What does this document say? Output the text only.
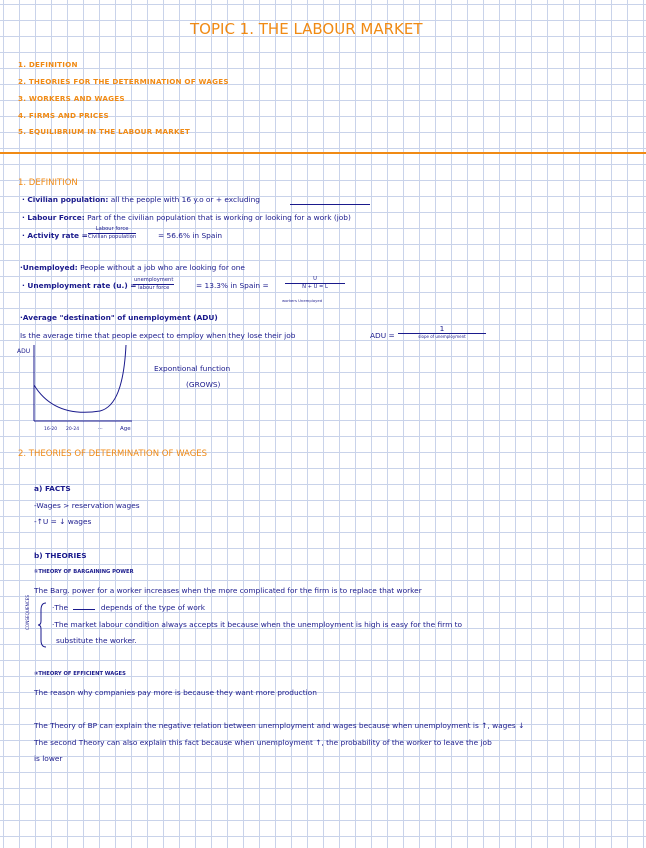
TOPIC 1. THE LABOUR MARKET
1. DEFINITION
2. THEORIES FOR THE DETERMINATION OF WAGES
3. WORKERS AND WAGES
4. FIRMS AND PRICES
5. EQUILIBRIUM IN THE LABOUR MARKET
1. DEFINITION
· Civilian population: all the people with 16 y.o or + excluding
· Labour Force: Part of the civilian population that is working or looking for a work (job)
· Activity rate =
Labour force
Civilian population	= 56.6% in Spain
·Unemployed: People without a job who are looking for one
· Unemployment rate (u.) =
unemployment
labour force	= 13.3% in Spain =	$\frac{U}{N + U = L}$
workers Unemployed
·Average "destination" of unemployment (ADU)
Is the average time that people expect to employ when they lose their job	ADU =
1
slope of unemployment
ADU
16-20 20-24	···	Age
Expontional function
(GROWS)
2. THEORIES OF DETERMINATION OF WAGES
a) FACTS
-Wages > reservation wages
-↑U = ↓ wages
b) THEORIES
①THEORY OF BARGAINING POWER
The Barg. power for a worker increases when the more complicated for the firm is to replace that worker
CONSEQUENCES	·The	depends of the type of work
·The market labour condition always accepts it because when the unemployment is high is easy for the firm to
substitute the worker.
②THEORY OF EFFICIENT WAGES
The reason why companies pay more is because they want more production
The Theory of BP can explain the negative relation between unemployment and wages because when unemployment is ↑, wages ↓
The second Theory can also explain this fact because when unemployment ↑, the probability of the worker to leave the job
is lower
